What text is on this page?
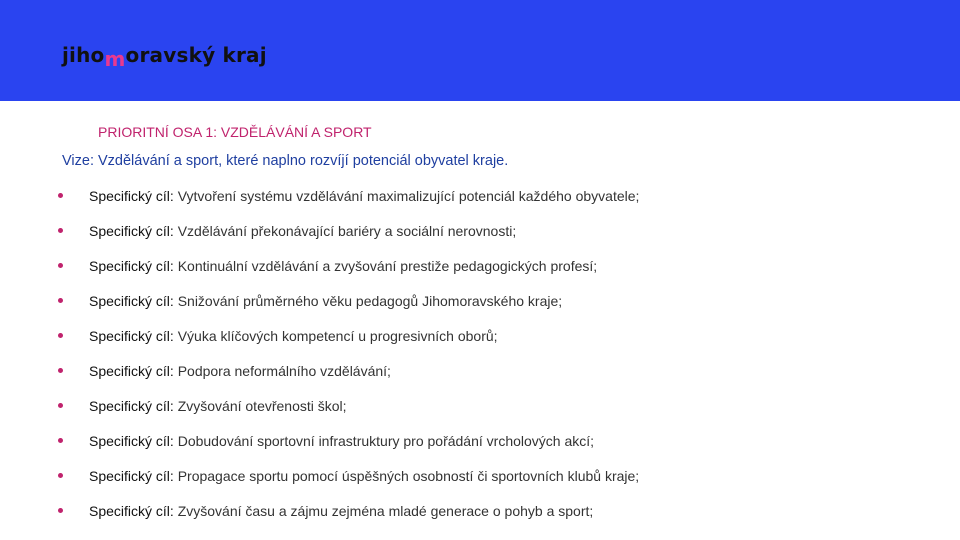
jihomoravský kraj
PRIORITNÍ OSA 1: VZDĚLÁVÁNÍ A SPORT
Vize: Vzdělávání a sport, které naplno rozvíjí potenciál obyvatel kraje.
Specifický cíl: Vytvoření systému vzdělávání maximalizující potenciál každého obyvatele;
Specifický cíl: Vzdělávání překonávající bariéry a sociální nerovnosti;
Specifický cíl: Kontinuální vzdělávání a zvyšování prestiže pedagogických profesí;
Specifický cíl: Snižování průměrného věku pedagogů Jihomoravského kraje;
Specifický cíl: Výuka klíčových kompetencí u progresivních oborů;
Specifický cíl: Podpora neformálního vzdělávání;
Specifický cíl: Zvyšování otevřenosti škol;
Specifický cíl: Dobudování sportovní infrastruktury pro pořádání vrcholových akcí;
Specifický cíl: Propagace sportu pomocí úspěšných osobností či sportovních klubů kraje;
Specifický cíl: Zvyšování času a zájmu zejména mladé generace o pohyb a sport;
